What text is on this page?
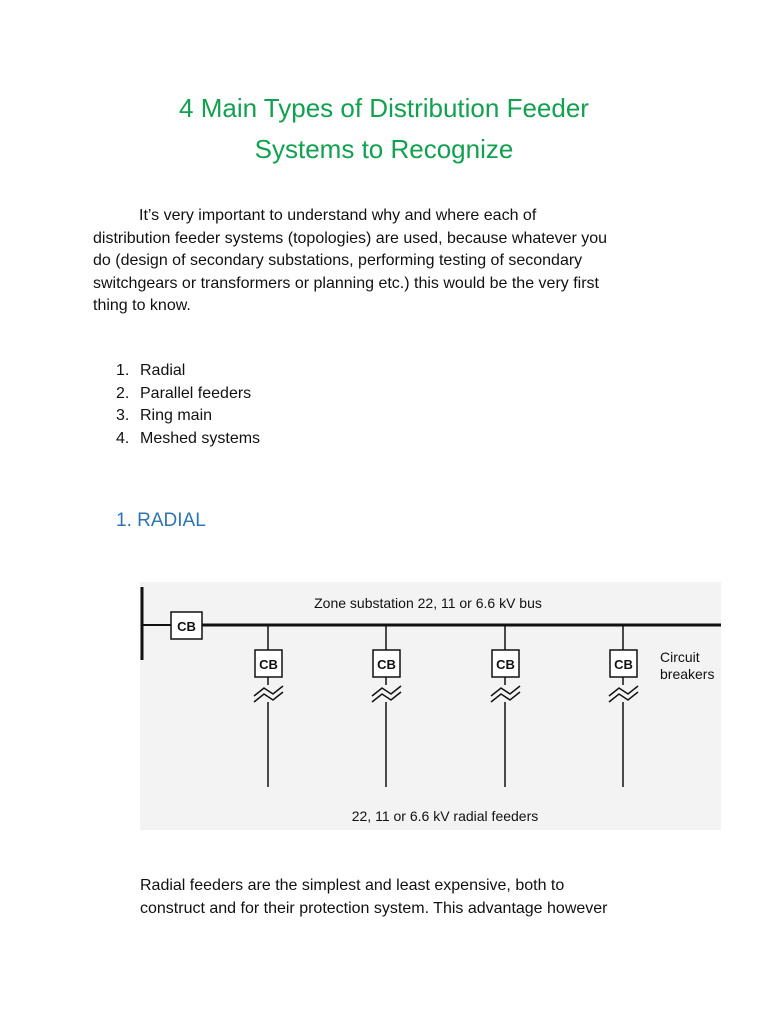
4 Main Types of Distribution Feeder
Systems to Recognize
It’s very important to understand why and where each of
distribution feeder systems (topologies) are used, because whatever you
do (design of secondary substations, performing testing of secondary
switchgears or transformers or planning etc.) this would be the very first
thing to know.
1. Radial
2. Parallel feeders
3. Ring main
4. Meshed systems
1. RADIAL
CB
Zone substation 22, 11 or 6.6 kV bus
CB	CB	CB	CB Circuit
breakers
22, 11 or 6.6 kV radial feeders
Radial feeders are the simplest and least expensive, both to
construct and for their protection system. This advantage however
